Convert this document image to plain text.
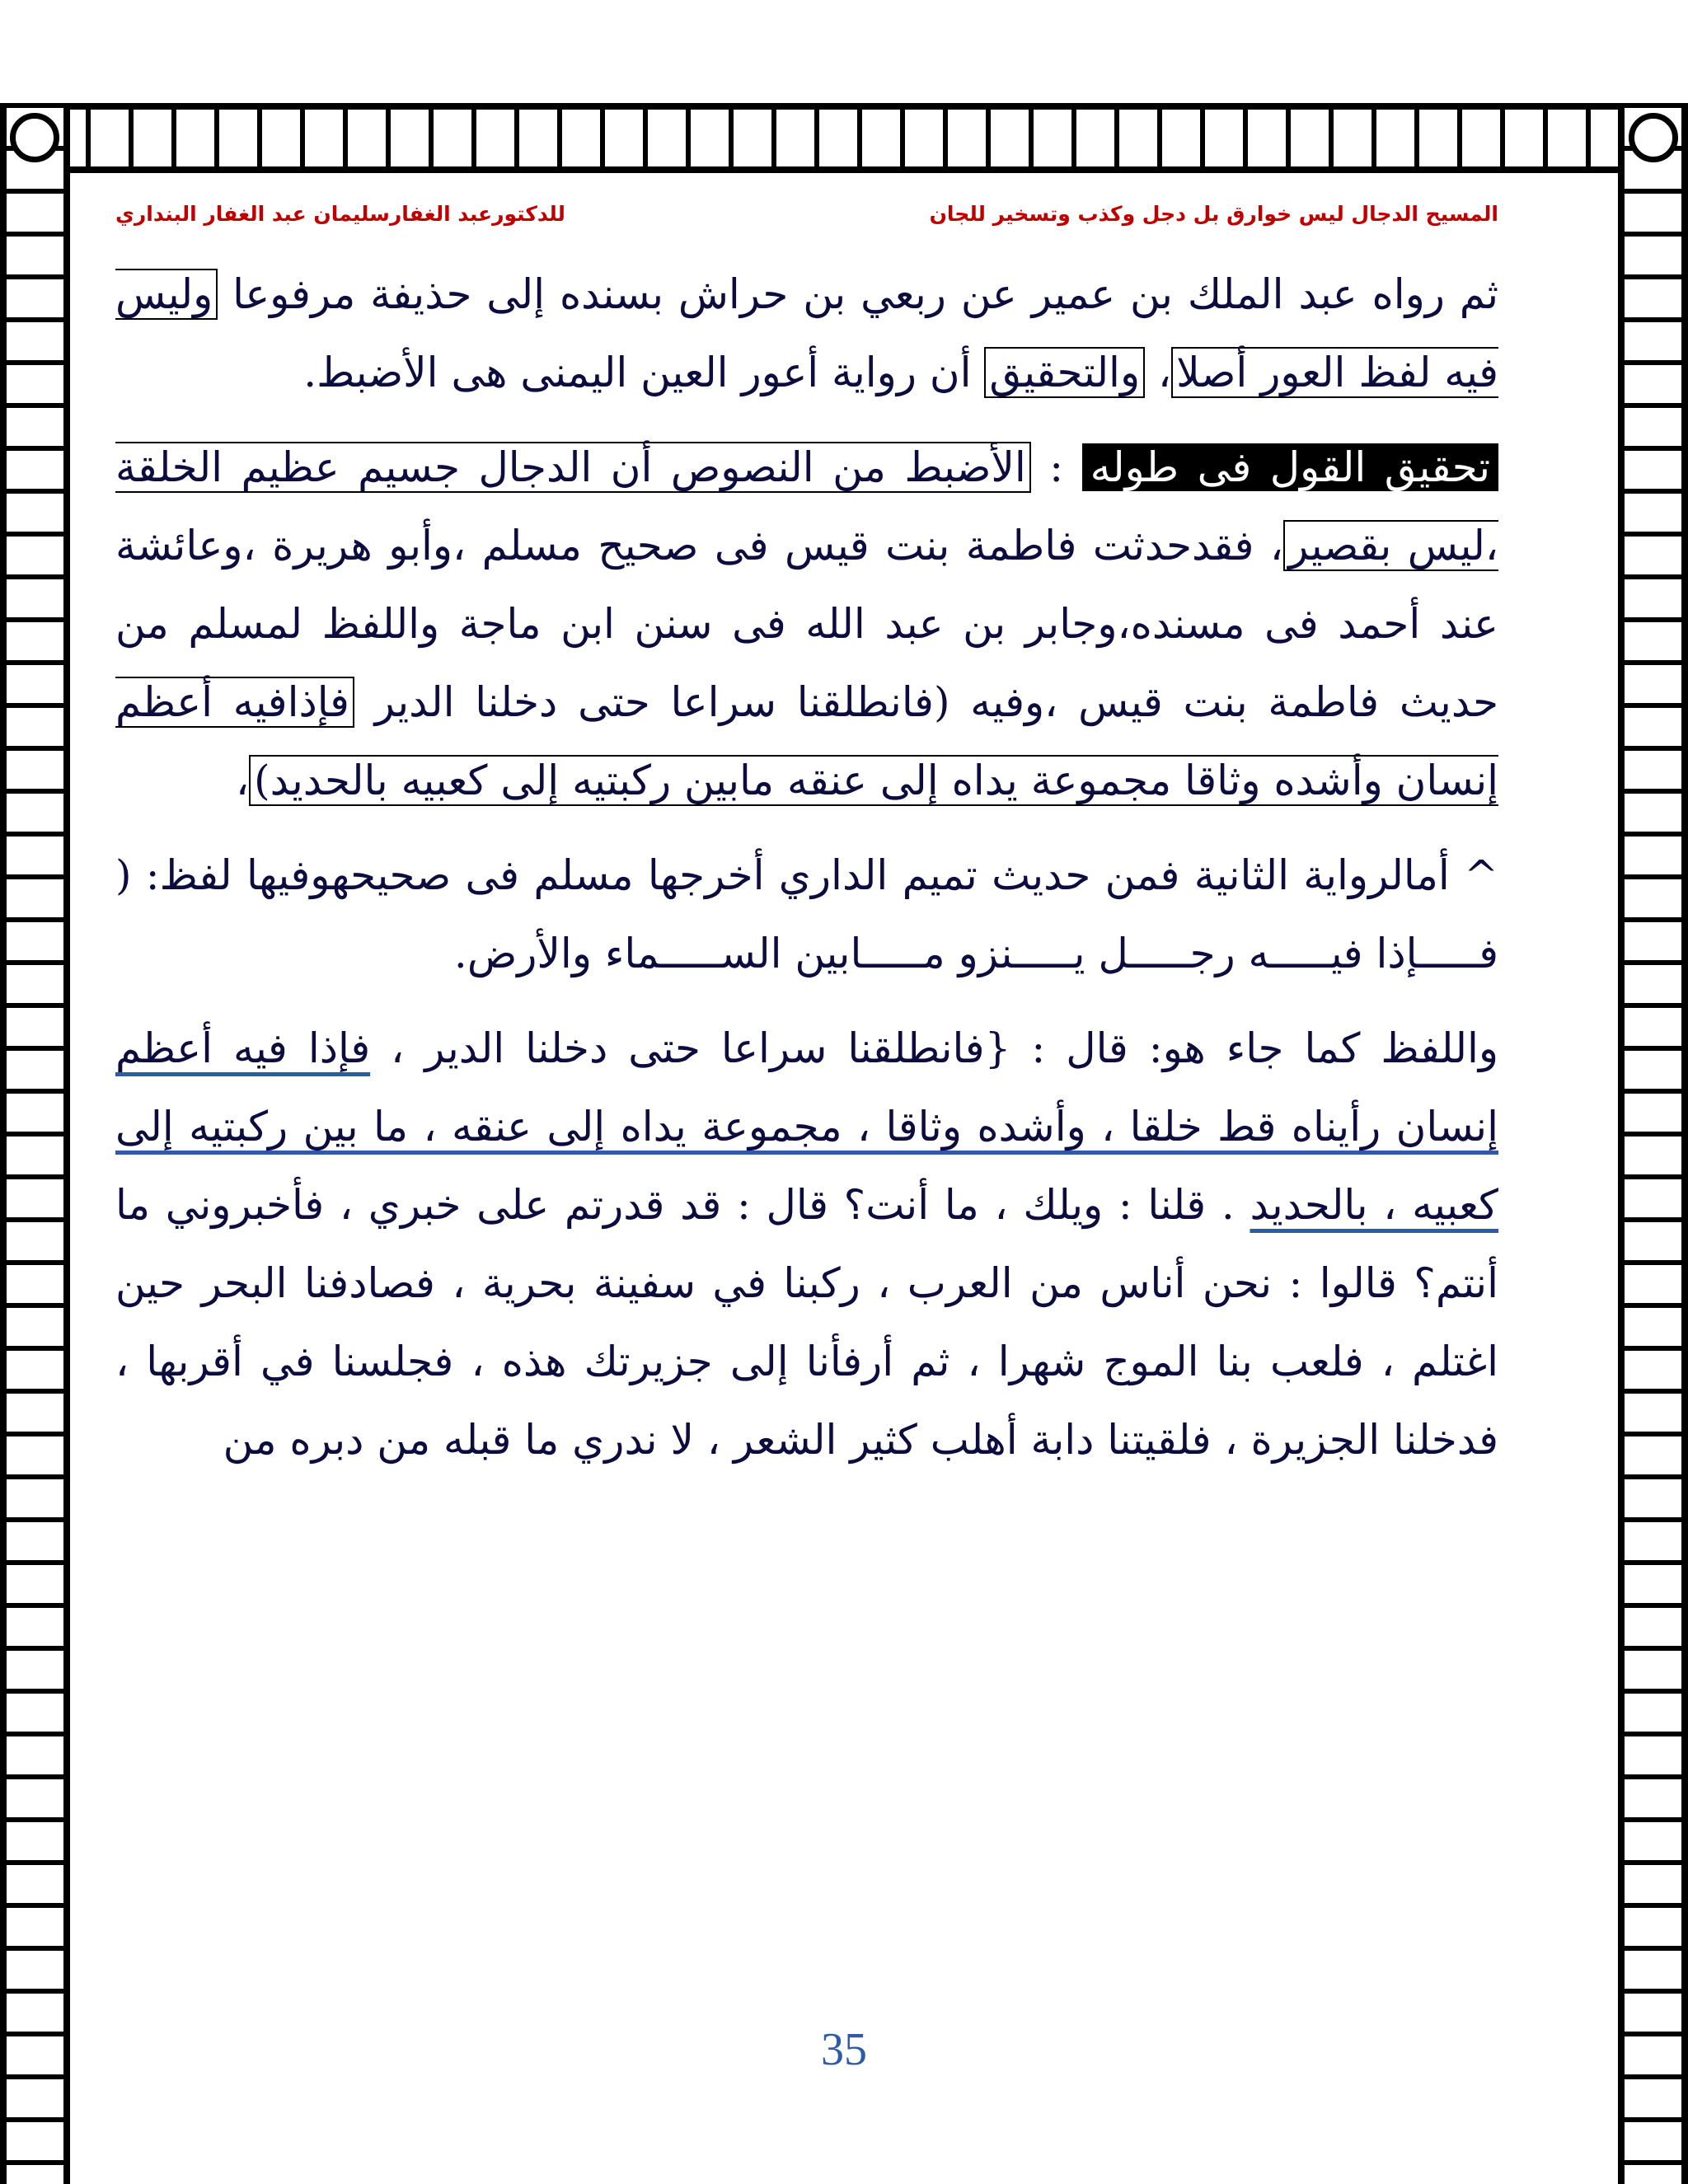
المسيح الدجال ليس خوارق بل دجل وكذب وتسخير للجان
للدكتورعبد الغفارسليمان عبد الغفار البنداري

ثم رواه عبد الملك بن عمير عن ربعي بن حراش بسنده إلى حذيفة مرفوعا وليس فيه لفظ العور أصلا، والتحقيق أن رواية أعور العين اليمنى هى الأضبط.

تحقيق القول فى طوله : الأضبط من النصوص أن الدجال جسيم عظيم الخلقة ،ليس بقصير، فقدحدثت فاطمة بنت قيس فى صحيح مسلم ،وأبو هريرة ،وعائشة عند أحمد فى مسنده،وجابر بن عبد الله فى سنن ابن ماجة واللفظ لمسلم من حديث فاطمة بنت قيس ،وفيه (فانطلقنا سراعا حتى دخلنا الدير فإذافيه أعظم إنسان وأشده وثاقا مجموعة يداه إلى عنقه مابين ركبتيه إلى كعبيه بالحديد)،

^ أمالرواية الثانية فمن حديث تميم الداري أخرجها مسلم فى صحيحهوفيها لفظ: ( فـــــإذا فيـــــه رجـــــل يـــــنزو مـــــابين الســـــماء والأرض.

واللفظ كما جاء هو: قال : {فانطلقنا سراعا حتى دخلنا الدير ، فإذا فيه أعظم إنسان رأيناه قط خلقا ، وأشده وثاقا ، مجموعة يداه إلى عنقه ، ما بين ركبتيه إلى كعبيه ، بالحديد . قلنا : ويلك ، ما أنت؟ قال : قد قدرتم على خبري ، فأخبروني ما أنتم؟ قالوا : نحن أناس من العرب ، ركبنا في سفينة بحرية ، فصادفنا البحر حين اغتلم ، فلعب بنا الموج شهرا ، ثم أرفأنا إلى جزيرتك هذه ، فجلسنا في أقربها ، فدخلنا الجزيرة ، فلقيتنا دابة أهلب كثير الشعر ، لا ندري ما قبله من دبره من

35
